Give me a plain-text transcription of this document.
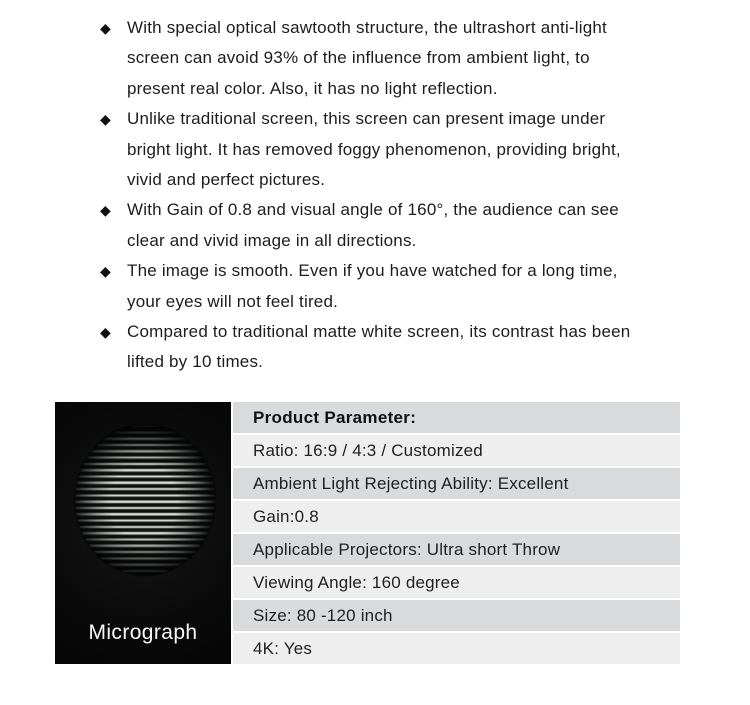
◆ With special optical sawtooth structure, the ultrashort anti-light
screen can avoid 93% of the influence from ambient light, to
present real color. Also, it has no light reflection.
◆ Unlike traditional screen, this screen can present image under
bright light. It has removed foggy phenomenon, providing bright,
vivid and perfect pictures.
◆ With Gain of 0.8 and visual angle of 160°, the audience can see
clear and vivid image in all directions.
◆ The image is smooth. Even if you have watched for a long time,
your eyes will not feel tired.
◆ Compared to traditional matte white screen, its contrast has been
lifted by 10 times.
Micrograph
Product Parameter:
Ratio: 16:9 / 4:3 / Customized
Ambient Light Rejecting Ability: Excellent
Gain:0.8
Applicable Projectors: Ultra short Throw
Viewing Angle: 160 degree
Size: 80 -120 inch
4K: Yes
